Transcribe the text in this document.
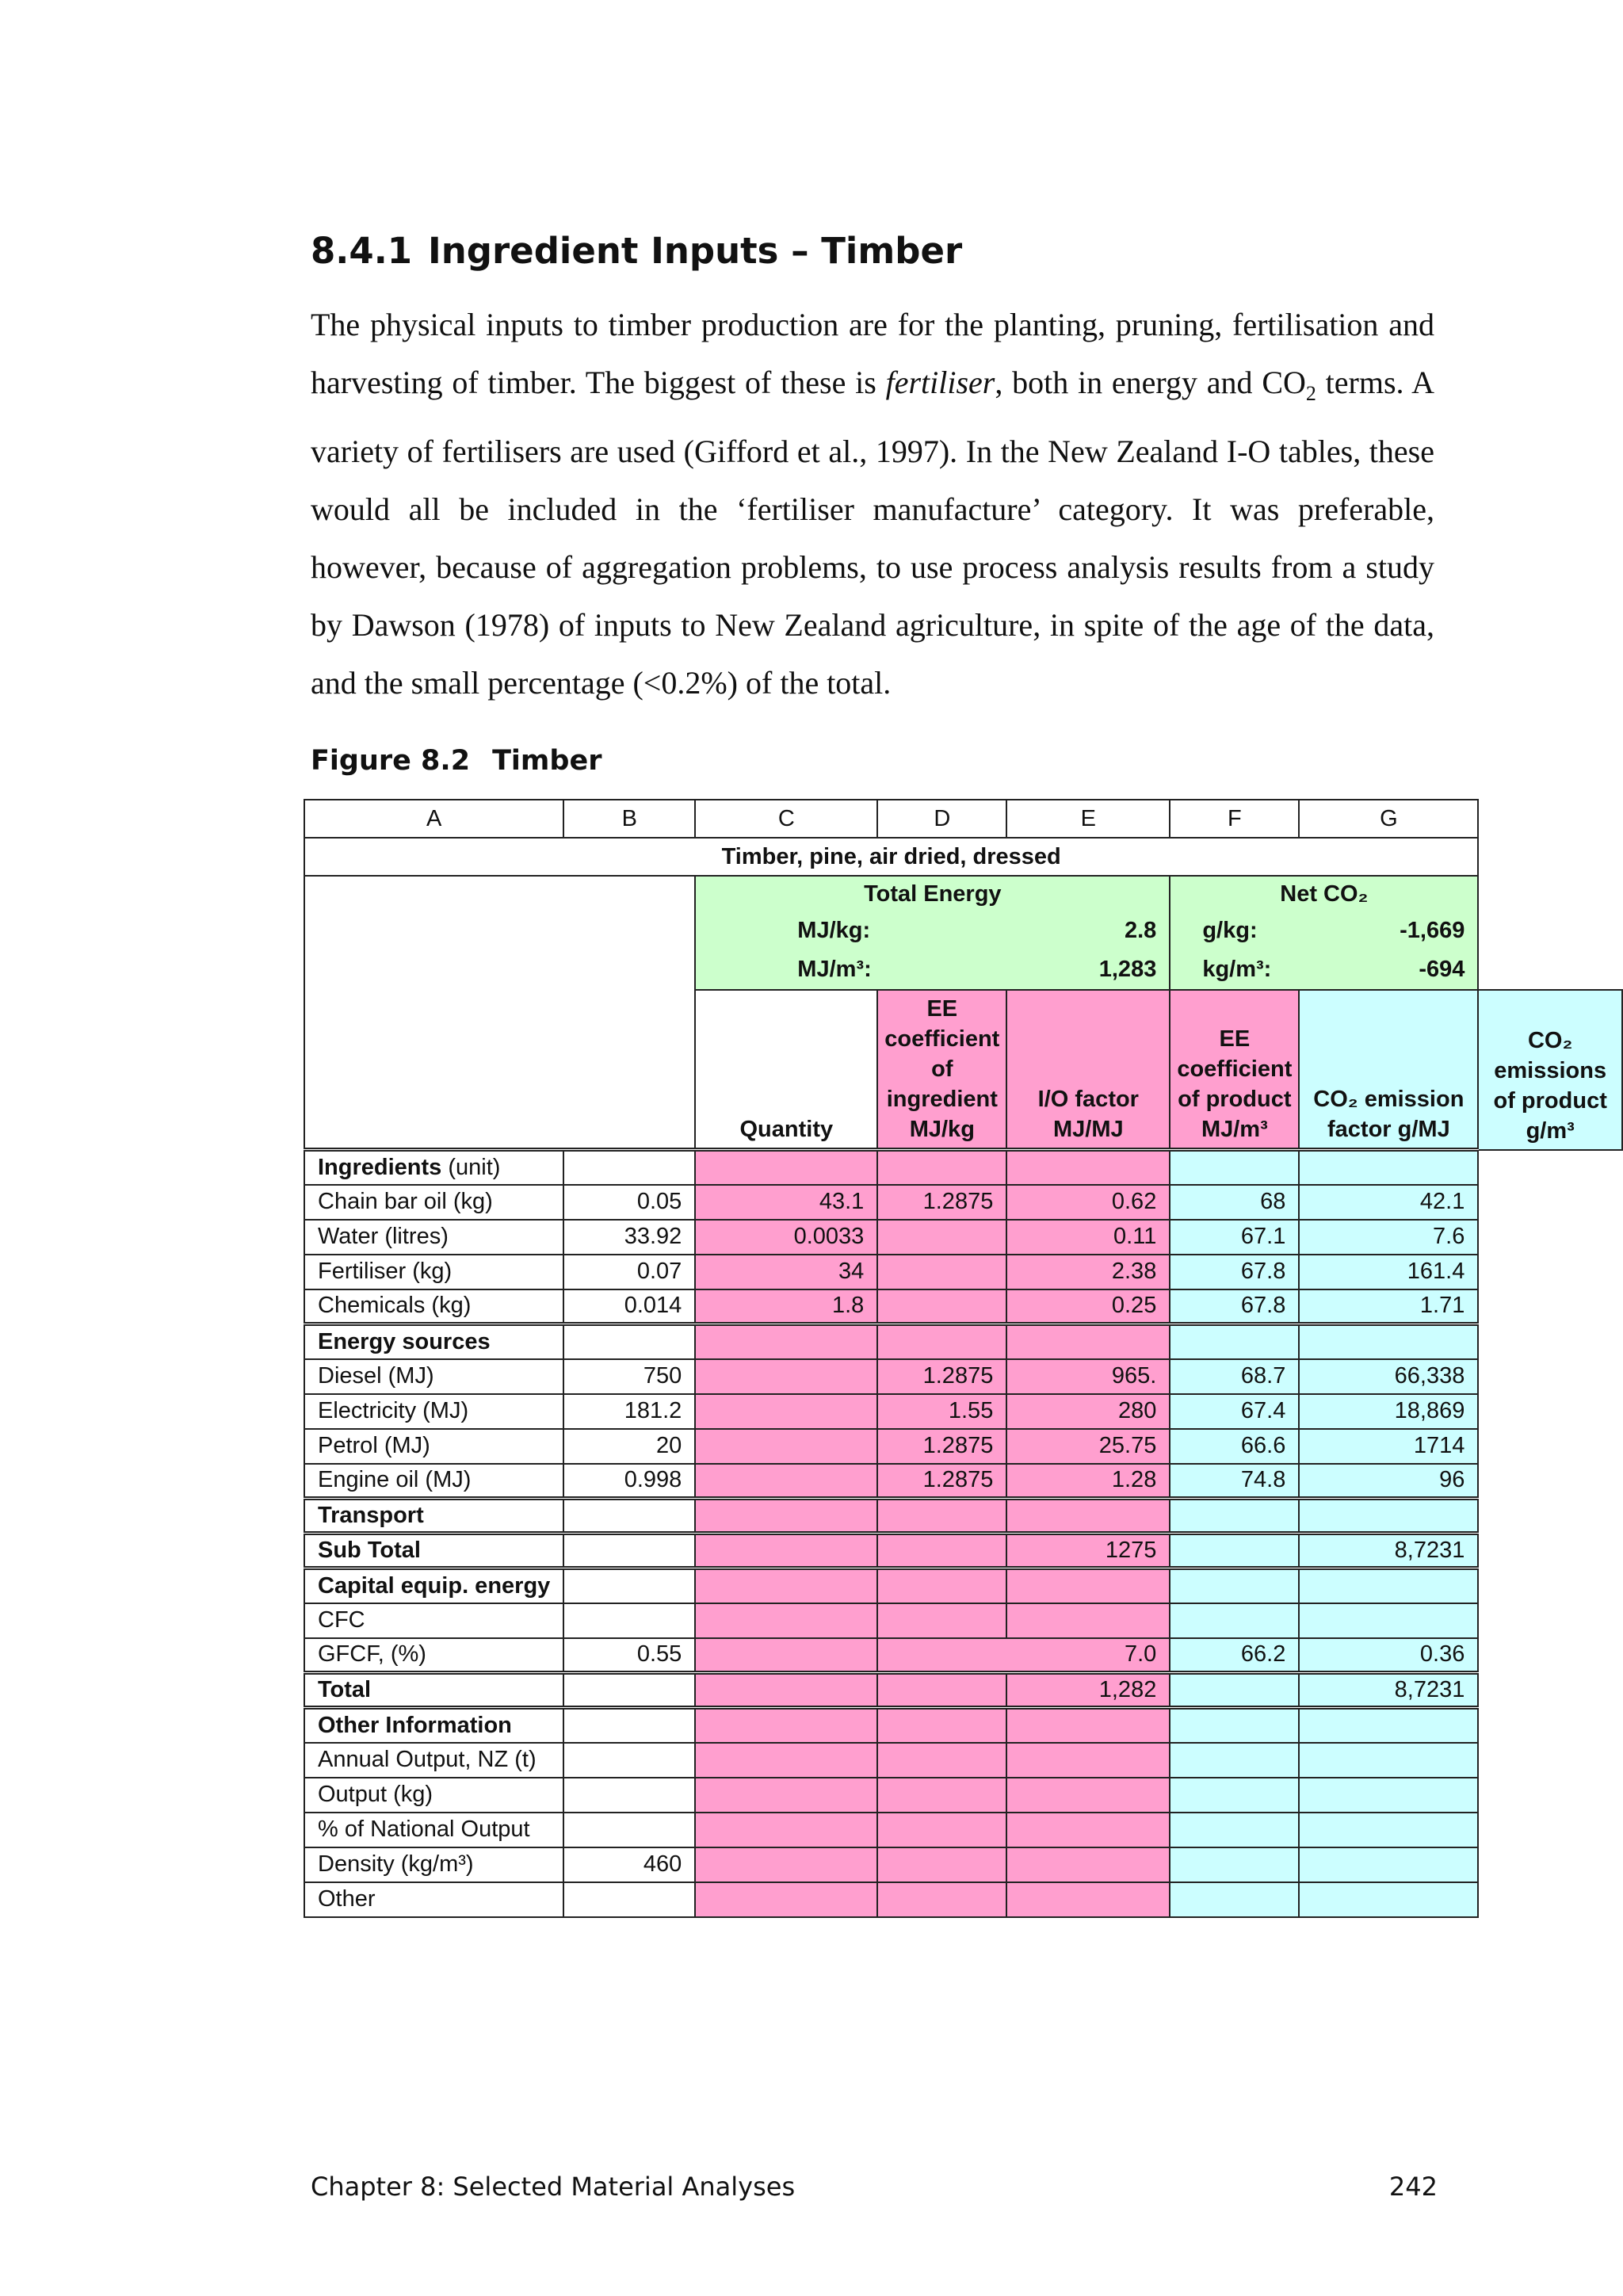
8.4.1 Ingredient Inputs – Timber

The physical inputs to timber production are for the planting, pruning, fertilisation and harvesting of timber. The biggest of these is fertiliser, both in energy and $CO_2$ terms. A variety of fertilisers are used (Gifford et al., 1997). In the New Zealand I-O tables, these would all be included in the ‘fertiliser manufacture’ category. It was preferable, however, because of aggregation problems, to use process analysis results from a study by Dawson (1978) of inputs to New Zealand agriculture, in spite of the age of the data, and the small percentage (<0.2%) of the total.

Figure 8.2 Timber
A	B	C	D	E	F	G	
Timber, pine, air dried, dressed							
		Total Energy			Net CO₂		

		MJ/kg: 2.8			g/kg: -1,669		

		MJ/m³: 1,283			kg/m³: -694		

		Quantity	EE coefficient of ingredient MJ/kg	I/O factor MJ/MJ	EE coefficient of product MJ/m³	CO₂ emission factor g/MJ	CO₂ emissions of product g/m³
Ingredients (unit)							
Chain bar oil (kg)	0.05	43.1	1.2875	0.62	68	42.1	
Water (litres)	33.92	0.0033		0.11	67.1	7.6	
Fertiliser (kg)	0.07	34		2.38	67.8	161.4	
Chemicals (kg)	0.014	1.8		0.25	67.8	1.71	
Energy sources							
Diesel (MJ)	750		1.2875	965.	68.7	66,338	
Electricity (MJ)	181.2		1.55	280	67.4	18,869	
Petrol (MJ)	20		1.2875	25.75	66.6	1714	
Engine oil (MJ)	0.998		1.2875	1.28	74.8	96	
Transport							
Sub Total				1275		8,7231	
Capital equip. energy							
CFC							
GFCF, (%)	0.55		7.0		66.2	0.36	
Total				1,282		8,7231	
Other Information							
Annual Output, NZ (t)							
Output (kg)							
% of National Output							
Density (kg/m³)	460						
Other							
Chapter 8: Selected Material Analyses	242
